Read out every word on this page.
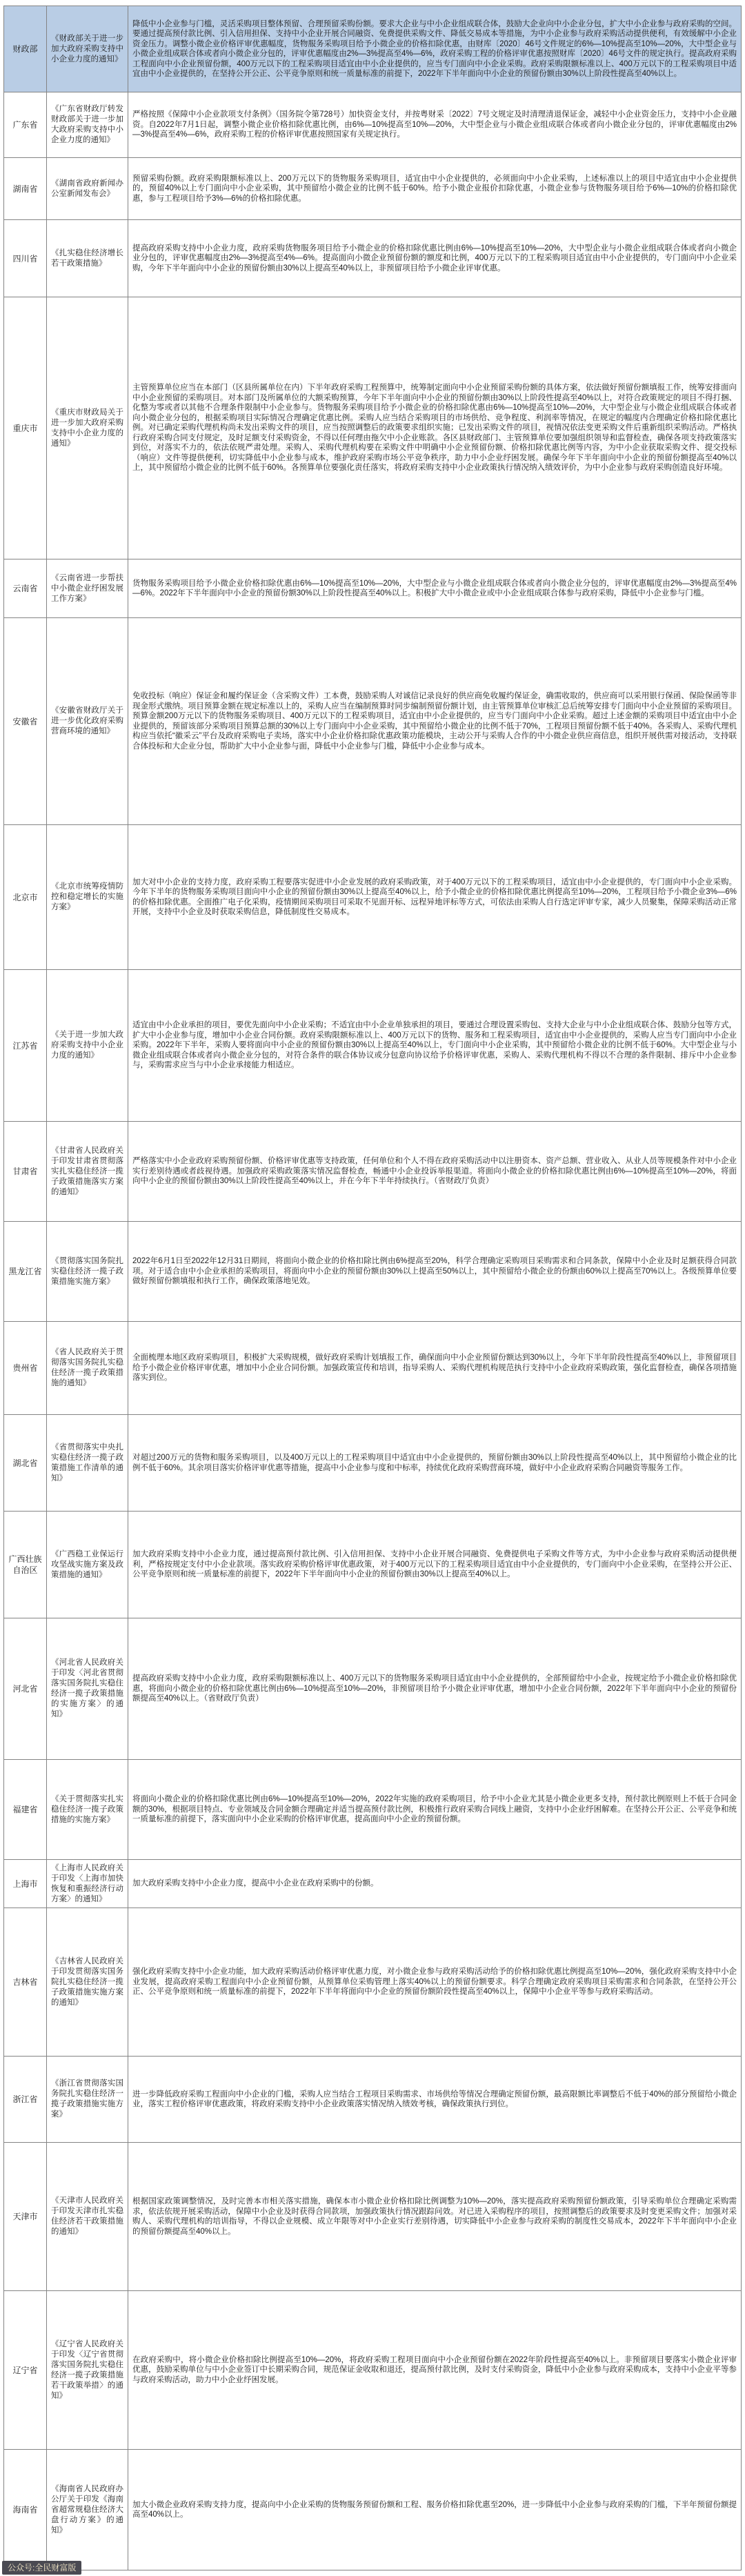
财政部	《财政部关于进一步加大政府采购支持中小企业力度的通知》	降低中小企业参与门槛，灵活采购项目整体预留、合理预留采购份额。要求大企业与中小企业组成联合体，鼓励大企业向中小企业分包，扩大中小企业参与政府采购的空间。要通过提高预付款比例、引入信用担保、支持中小企业开展合同融资、免费提供采购文件、降低交易成本等措施，为中小企业参与政府采购活动提供便利，有效缓解中小企业资金压力。调整小微企业价格评审优惠幅度，货物服务采购项目给予小微企业的价格扣除优惠，由财库〔2020〕46号文件规定的6%—10%提高至10%—20%，大中型企业与小微企业组成联合体或者向小微企业分包的，评审优惠幅度由2%—3%提高至4%—6%，政府采购工程的价格评审优惠按照财库〔2020〕46号文件的规定执行。提高政府采购工程面向中小企业预留份额，400万元以下的工程采购项目适宜由中小企业提供的，应当专门面向中小企业采购。政府采购限额标准以上、400万元以下的工程采购项目中适宜由中小企业提供的，在坚持公开公正、公平竞争原则和统一质量标准的前提下，2022年下半年面向中小企业的预留份额由30%以上阶段性提高至40%以上。
广东省	《广东省财政厅转发财政部关于进一步加大政府采购支持中小企业力度的通知》	严格按照《保障中小企业款项支付条例》（国务院令第728号）加快资金支付，并按粤财采〔2022〕7号文规定及时清理清退保证金，减轻中小企业资金压力，支持中小企业融资。自2022年7月1日起，调整小微企业价格扣除优惠比例，由6%—10%提高至10%—20%，大中型企业与小微企业组成联合体或者向小微企业分包的，评审优惠幅度由2%—3%提高至4%—6%，政府采购工程的价格评审优惠按照国家有关规定执行。
湖南省	《湖南省政府新闻办公室新闻发布会》	预留采购份额。政府采购限额标准以上、200万元以下的货物服务采购项目，适宜由中小企业提供的，必须面向中小企业采购，上述标准以上的项目中适宜由中小企业提供的，预留40%以上专门面向中小企业采购，其中预留给小微企业的比例不低于60%。给予小微企业报价扣除优惠，小微企业参与货物服务项目给予6%—10%的价格扣除优惠，参与工程项目给予3%—6%的价格扣除优惠。
四川省	《扎实稳住经济增长若干政策措施》	提高政府采购支持中小企业力度，政府采购货物服务项目给予小微企业的价格扣除优惠比例由6%—10%提高至10%—20%，大中型企业与小微企业组成联合体或者向小微企业分包的，评审优惠幅度由2%—3%提高至4%—6%。提高面向小微企业预留份额的额度和比例，400万元以下的工程采购项目适宜由中小企业提供的，专门面向中小企业采购，今年下半年面向中小企业的预留份额由30%以上提高至40%以上，非预留项目给予小微企业评审优惠。
重庆市	《重庆市财政局关于进一步加大政府采购支持中小企业力度的通知》	主管预算单位应当在本部门（区县所属单位在内）下半年政府采购工程预算中，统筹制定面向中小企业预留采购份额的具体方案，依法做好预留份额填报工作，统筹安排面向中小企业预留的采购项目。对本部门及所属单位的大额采购预算，今年下半年面向中小企业的预留份额由30%以上阶段性提高至40%以上，对符合政策规定的项目不得打捆、化整为零或者以其他不合理条件限制中小企业参与。货物服务采购项目给予小微企业的价格扣除优惠由6%—10%提高至10%—20%，大中型企业与小微企业组成联合体或者向小微企业分包的，根据采购项目实际情况合理确定优惠比例。采购人应当结合采购项目的市场供给、竞争程度、利润率等情况，在规定的幅度内合理确定价格扣除优惠比例。对已确定采购代理机构尚未发出采购文件的项目，应当按照调整后的政策要求组织实施；已发出采购文件的项目，视情况依法变更采购文件后重新组织采购活动。严格执行政府采购合同支付规定，及时足额支付采购资金，不得以任何理由拖欠中小企业账款。各区县财政部门、主管预算单位要加强组织领导和监督检查，确保各项支持政策落实到位，对落实不力的，依法依规严肃处理。采购人、采购代理机构要在采购文件中明确中小企业预留份额、价格扣除优惠比例等内容，为中小企业获取采购文件、提交投标（响应）文件等提供便利，切实降低中小企业参与成本，维护政府采购市场公平竞争秩序，助力中小企业纾困发展。确保今年下半年面向中小企业的预留份额提高至40%以上，其中预留给小微企业的比例不低于60%。各预算单位要强化责任落实，将政府采购支持中小企业政策执行情况纳入绩效评价，为中小企业参与政府采购创造良好环境。
云南省	《云南省进一步帮扶中小微企业纾困发展工作方案》	货物服务采购项目给予小微企业价格扣除优惠由6%—10%提高至10%—20%，大中型企业与小微企业组成联合体或者向小微企业分包的，评审优惠幅度由2%—3%提高至4%—6%。2022年下半年面向中小企业的预留份额30%以上阶段性提高至40%以上。积极扩大中小微企业或中小企业组成联合体参与政府采购，降低中小企业参与门槛。
安徽省	《安徽省财政厅关于进一步优化政府采购营商环境的通知》	免收投标（响应）保证金和履约保证金（含采购文件）工本费，鼓励采购人对诚信记录良好的供应商免收履约保证金，确需收取的，供应商可以采用银行保函、保险保函等非现金形式缴纳。项目预算金额在规定标准以上的，采购人应当在编制预算时同步编制预留份额计划，由主管预算单位审核汇总后统筹安排专门面向中小企业预留的采购项目。预算金额200万元以下的货物服务采购项目、400万元以下的工程采购项目，适宜由中小企业提供的，应当专门面向中小企业采购。超过上述金额的采购项目中适宜由中小企业提供的，预留该部分采购项目预算总额的30%以上专门面向中小企业采购，其中预留给小微企业的比例不低于70%，工程项目预留份额不低于40%。各采购人、采购代理机构应当依托“徽采云”平台及政府采购电子卖场，落实中小企业价格扣除优惠政策功能模块，主动公开与采购人合作的中小微企业供应商信息，组织开展供需对接活动，支持联合体投标和大企业分包，帮助扩大中小企业参与面，降低中小企业参与门槛，降低中小企业参与成本。
北京市	《北京市统筹疫情防控和稳定增长的实施方案》	加大对中小企业的支持力度，政府采购工程要落实促进中小企业发展的政府采购政策，对于400万元以下的工程采购项目，适宜由中小企业提供的，专门面向中小企业采购。今年下半年的货物服务采购项目面向中小企业的预留份额由30%以上提高至40%以上，给予小微企业的价格扣除优惠比例提高至10%—20%，工程项目给予小微企业3%—6%的价格扣除优惠。全面推广电子化采购，疫情期间采购项目可采取不见面开标、远程异地评标等方式，可依法由采购人自行选定评审专家，减少人员聚集，保障采购活动正常开展，支持中小企业及时获取采购信息，降低制度性交易成本。
江苏省	《关于进一步加大政府采购支持中小企业力度的通知》	适宜由中小企业承担的项目，要优先面向中小企业采购；不适宜由中小企业单独承担的项目，要通过合理设置采购包、支持大企业与中小企业组成联合体、鼓励分包等方式，扩大中小企业参与度，增加中小企业合同份额。政府采购限额标准以上、400万元以下的货物、服务和工程采购项目，适宜由中小企业提供的，采购人应当专门面向中小企业采购。2022年下半年，采购人要将面向中小企业的预留份额由30%以上提高至40%以上，专门面向中小企业采购，其中预留给小微企业的比例不低于60%。大中型企业与小微企业组成联合体或者向小微企业分包的，对符合条件的联合体协议或分包意向协议给予价格评审优惠，采购人、采购代理机构不得以不合理的条件限制、排斥中小企业参与，采购需求应当与中小企业承接能力相适应。
甘肃省	《甘肃省人民政府关于印发甘肃省贯彻落实扎实稳住经济一揽子政策措施落实方案的通知》	严格落实中小企业政府采购预留份额、价格评审优惠等支持政策，任何单位和个人不得在政府采购活动中以注册资本、资产总额、营业收入、从业人员等规模条件对中小企业实行差别待遇或者歧视待遇。加强政府采购政策落实情况监督检查，畅通中小企业投诉举报渠道。将面向小微企业的价格扣除优惠比例由6%—10%提高至10%—20%，将面向中小企业的预留份额由30%以上阶段性提高至40%以上，并在今年下半年持续执行。（省财政厅负责）
黑龙江省	《贯彻落实国务院扎实稳住经济一揽子政策措施实施方案》	2022年6月1日至2022年12月31日期间，将面向小微企业的价格扣除比例由6%提高至20%，科学合理确定采购项目采购需求和合同条款，保障中小企业及时足额获得合同款项。对于适合由中小企业承担的采购项目，将面向中小企业的预留份额由30%以上提高至50%以上，其中预留给小微企业的份额由60%以上提高至70%以上。各级预算单位要做好预留份额填报和执行工作，确保政策落地见效。
贵州省	《省人民政府关于贯彻落实国务院扎实稳住经济一揽子政策措施的通知》	全面梳理本地区政府采购项目，积极扩大采购规模，做好政府采购计划填报工作，确保面向中小企业预留份额达到30%以上，今年下半年阶段性提高至40%以上，非预留项目给予小微企业价格评审优惠，增加中小企业合同份额。加强政策宣传和培训，指导采购人、采购代理机构规范执行支持中小企业政府采购政策，强化监督检查，确保各项措施落实到位。
湖北省	《省贯彻落实中央扎实稳住经济一揽子政策措施工作清单的通知》	对超过200万元的货物和服务采购项目，以及400万元以上的工程采购项目中适宜由中小企业提供的，预留份额由30%以上阶段性提高至40%以上，其中预留给小微企业的比例不低于60%。其余项目落实价格评审优惠等措施，提高中小企业参与度和中标率，持续优化政府采购营商环境，做好中小企业政府采购合同融资等服务工作。
广西壮族自治区	《广西稳工业保运行攻坚战实施方案及政策措施的通知》	加大政府采购支持中小企业力度，通过提高预付款比例、引入信用担保、支持中小企业开展合同融资、免费提供电子采购文件等方式，为中小企业参与政府采购活动提供便利，严格按规定支付中小企业款项。落实政府采购价格评审优惠政策，对于400万元以下的工程采购项目适宜由中小企业提供的，专门面向中小企业采购，在坚持公开公正、公平竞争原则和统一质量标准的前提下，2022年下半年面向中小企业的预留份额由30%以上提高至40%以上。
河北省	《河北省人民政府关于印发〈河北省贯彻落实国务院扎实稳住经济一揽子政策措施的实施方案〉的通知》	提高政府采购支持中小企业力度，政府采购限额标准以上、400万元以下的货物服务采购项目适宜由中小企业提供的，全部预留给中小企业，按规定给予小微企业价格扣除优惠，将面向小微企业的价格扣除优惠比例由6%—10%提高至10%—20%，非预留项目给予小微企业评审优惠，增加中小企业合同份额，2022年下半年面向中小企业的预留份额提高至40%以上。（省财政厅负责）
福建省	《关于贯彻落实扎实稳住经济一揽子政策措施的实施方案》	将面向小微企业的价格扣除优惠比例由6%—10%提高至10%—20%，2022年实施的政府采购项目，给予中小企业尤其是小微企业更多支持，预付款比例原则上不低于合同金额的30%，根据项目特点、专业领域及合同金额合理确定并适当提高预付款比例，积极推行政府采购合同线上融资，支持中小企业纾困解难。在坚持公开公正、公平竞争和统一质量标准的前提下，落实面向中小企业采购的价格评审优惠，提高面向中小企业的预留份额。
上海市	《上海市人民政府关于印发〈上海市加快恢复和重振经济行动方案〉的通知》	加大政府采购支持中小企业力度，提高中小企业在政府采购中的份额。
吉林省	《吉林省人民政府关于印发贯彻落实国务院扎实稳住经济一揽子政策措施实施方案的通知》	强化政府采购支持中小企业功能，加大政府采购活动价格评审优惠力度，对小微企业参与政府采购活动给予的价格扣除优惠比例提高至10%—20%，强化政府采购支持中小企业发展，提高政府采购工程面向中小企业预留份额，从预算单位采购管理上落实40%以上的预留份额要求。科学合理确定政府采购项目采购需求和合同条款，在坚持公开公正、公平竞争原则和统一质量标准的前提下，2022年下半年将面向中小企业的预留份额阶段性提高至40%以上，保障中小企业平等参与政府采购活动。
浙江省	《浙江省贯彻落实国务院扎实稳住经济一揽子政策措施实施方案》	进一步降低政府采购工程面向中小企业的门槛，采购人应当结合工程项目采购需求、市场供给等情况合理确定预留份额，最高限额比率调整后不低于40%的部分预留给小微企业，落实工程价格评审优惠政策，将政府采购支持中小企业政策落实情况纳入绩效考核，确保政策执行到位。
天津市	《天津市人民政府关于印发天津市扎实稳住经济若干政策措施的通知》	根据国家政策调整情况，及时完善本市相关落实措施，确保本市小微企业价格扣除比例调整为10%—20%，落实提高政府采购预留份额政策，引导采购单位合理确定采购需求，依法依规开展采购活动，保障中小企业及时获得合同款项，加强政策执行情况跟踪问效。对已进入采购程序的项目，按照调整后的政策要求及时变更采购文件；加强对采购人、采购代理机构的培训指导，不得以企业规模、成立年限等对中小企业实行差别待遇，切实降低中小企业参与政府采购的制度性交易成本，2022年下半年面向中小企业的预留份额提高至40%以上。
辽宁省	《辽宁省人民政府关于印发〈辽宁省贯彻落实国务院扎实稳住经济一揽子政策措施若干政策举措〉的通知》	在政府采购中，将小微企业价格扣除比例提高至10%—20%，将政府采购工程项目面向中小企业预留份额在2022年阶段性提高至40%以上。非预留项目要落实小微企业评审优惠，鼓励采购单位与中小企业签订中长期采购合同，规范保证金收取和退还，提高预付款比例，及时支付采购资金，降低中小企业参与政府采购成本，支持中小企业平等参与政府采购活动，助力中小企业纾困发展。
海南省	《海南省人民政府办公厅关于印发《海南省超常规稳住经济大盘行动方案》的通知》	加大小微企业政府采购支持力度，提高向中小企业采购的货物服务预留份额和工程、服务价格扣除优惠至20%，进一步降低中小企业参与政府采购的门槛，下半年预留份额提高至40%以上。
公众号:全民财富版
